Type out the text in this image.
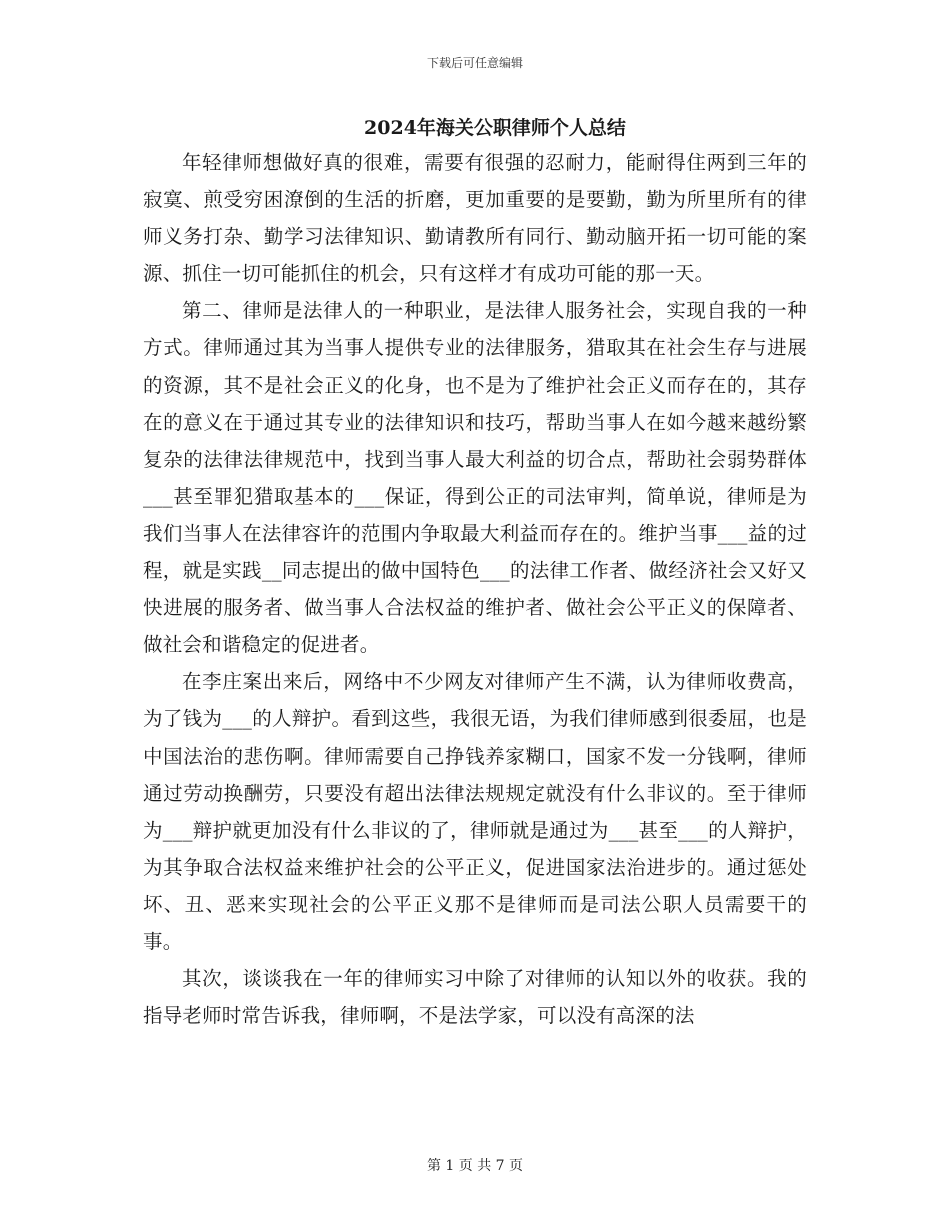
下载后可任意编辑
2024年海关公职律师个人总结

年轻律师想做好真的很难，需要有很强的忍耐力，能耐得住两到三年的寂寞、煎受穷困潦倒的生活的折磨，更加重要的是要勤，勤为所里所有的律师义务打杂、勤学习法律知识、勤请教所有同行、勤动脑开拓一切可能的案源、抓住一切可能抓住的机会，只有这样才有成功可能的那一天。

第二、律师是法律人的一种职业，是法律人服务社会，实现自我的一种方式。律师通过其为当事人提供专业的法律服务，猎取其在社会生存与进展的资源，其不是社会正义的化身，也不是为了维护社会正义而存在的，其存在的意义在于通过其专业的法律知识和技巧，帮助当事人在如今越来越纷繁复杂的法律法律规范中，找到当事人最大利益的切合点，帮助社会弱势群体___甚至罪犯猎取基本的___保证，得到公正的司法审判，简单说，律师是为我们当事人在法律容许的范围内争取最大利益而存在的。维护当事___益的过程，就是实践__同志提出的做中国特色___的法律工作者、做经济社会又好又快进展的服务者、做当事人合法权益的维护者、做社会公平正义的保障者、做社会和谐稳定的促进者。

在李庄案出来后，网络中不少网友对律师产生不满，认为律师收费高，为了钱为___的人辩护。看到这些，我很无语，为我们律师感到很委屈，也是中国法治的悲伤啊。律师需要自己挣钱养家糊口，国家不发一分钱啊，律师通过劳动换酬劳，只要没有超出法律法规规定就没有什么非议的。至于律师为___辩护就更加没有什么非议的了，律师就是通过为___甚至___的人辩护，为其争取合法权益来维护社会的公平正义，促进国家法治进步的。通过惩处坏、丑、恶来实现社会的公平正义那不是律师而是司法公职人员需要干的事。

其次，谈谈我在一年的律师实习中除了对律师的认知以外的收获。我的指导老师时常告诉我，律师啊，不是法学家，可以没有高深的法

第 1 页 共 7 页
